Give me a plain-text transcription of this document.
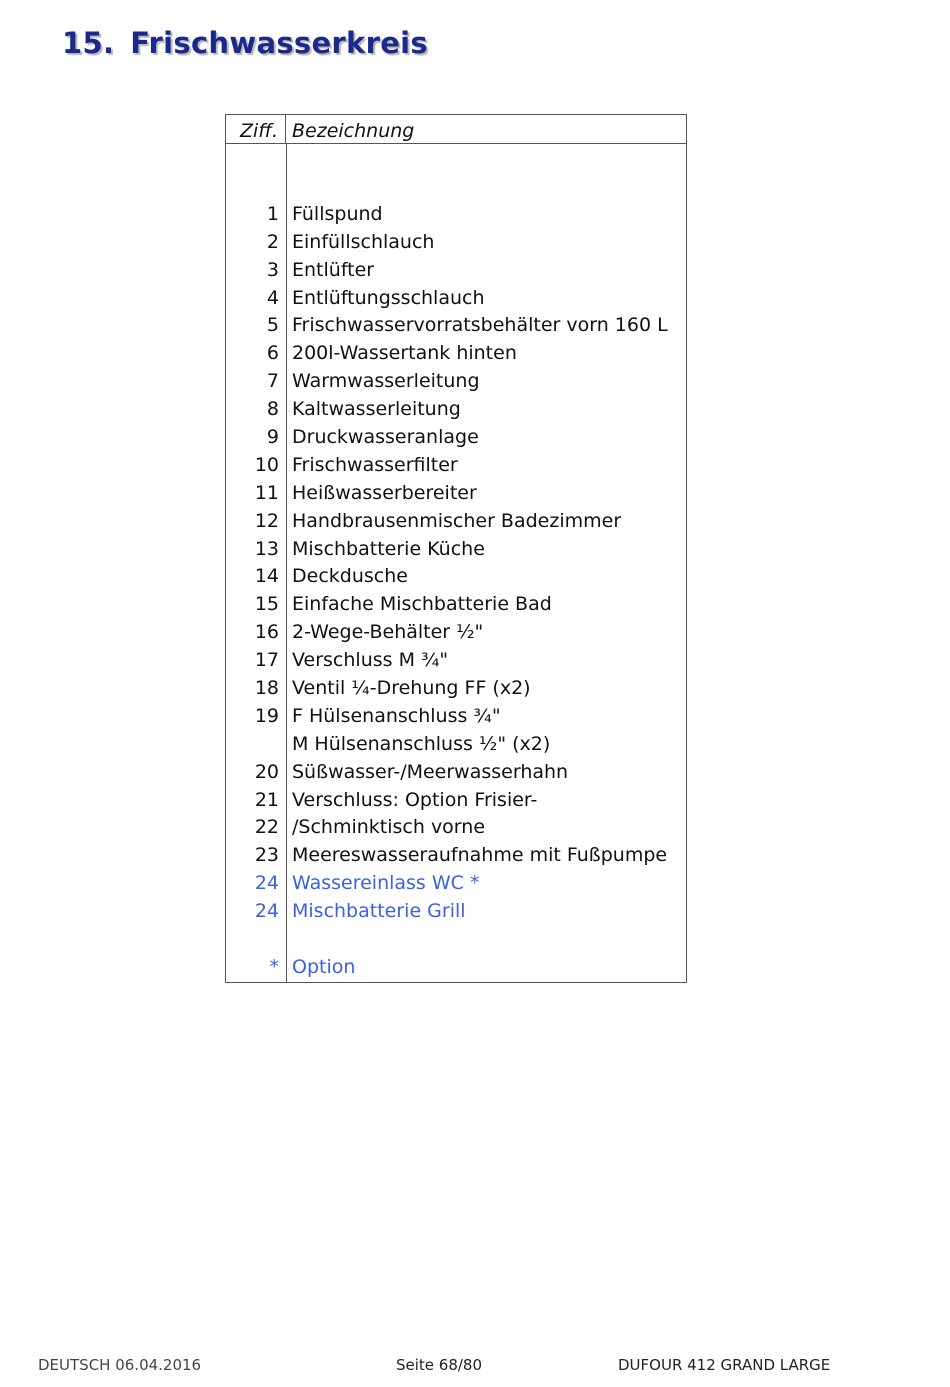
15. Frischwasserkreis
Ziff. Bezeichnung
1 Füllspund
2 Einfüllschlauch
3 Entlüfter
4 Entlüftungsschlauch
5 Frischwasservorratsbehälter vorn 160 L
6 200l-Wassertank hinten
7 Warmwasserleitung
8 Kaltwasserleitung
9 Druckwasseranlage
10 Frischwasserfilter
11 Heißwasserbereiter
12 Handbrausenmischer Badezimmer
13 Mischbatterie Küche
14 Deckdusche
15 Einfache Mischbatterie Bad
16 2-Wege-Behälter ½"
17 Verschluss M ¾"
18 Ventil ¼-Drehung FF (x2)
19 F Hülsenanschluss ¾"
M Hülsenanschluss ½" (x2)
20 Süßwasser-/Meerwasserhahn
21 Verschluss: Option Frisier-
22 /Schminktisch vorne
23 Meereswasseraufnahme mit Fußpumpe
24 Wassereinlass WC *
24 Mischbatterie Grill
* Option
DEUTSCH 06.04.2016	Seite 68/80	DUFOUR 412 GRAND LARGE
